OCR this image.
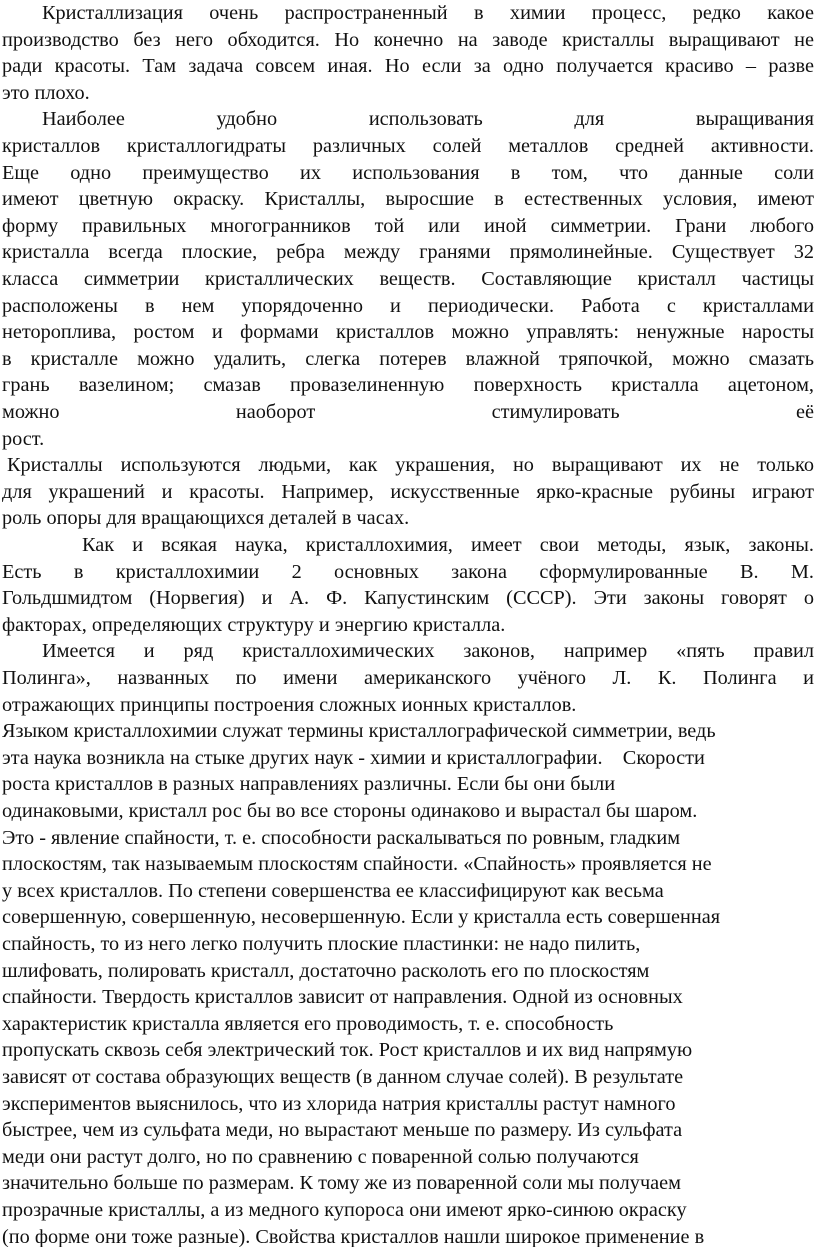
Кристаллизация очень распространенный в химии процесс, редко какое

производство без него обходится. Но конечно на заводе кристаллы выращивают не

ради красоты. Там задача совсем иная. Но если за одно получается красиво – разве

это плохо.

Наиболее удобно использовать для выращивания

кристаллов кристаллогидраты различных солей металлов средней активности.

Еще одно преимущество их использования в том, что данные соли

имеют цветную окраску. Кристаллы, выросшие в естественных условия, имеют

форму правильных многогранников той или иной симметрии. Грани любого

кристалла всегда плоские, ребра между гранями прямолинейные. Существует 32

класса симметрии кристаллических веществ. Составляющие кристалл частицы

расположены в нем упорядоченно и периодически. Работа с кристаллами

нетороплива, ростом и формами кристаллов можно управлять: ненужные наросты

в кристалле можно удалить, слегка потерев влажной тряпочкой, можно смазать

грань вазелином; смазав провазелиненную поверхность кристалла ацетоном,

можно наоборот стимулировать её

рост.

Кристаллы используются людьми, как украшения, но выращивают их не только

для украшений и красоты. Например, искусственные ярко-красные рубины играют

роль опоры для вращающихся деталей в часах.

Как и всякая наука, кристаллохимия, имеет свои методы, язык, законы.

Есть в кристаллохимии 2 основных закона сформулированные В. М.

Гольдшмидтом (Норвегия) и А. Ф. Капустинским (СССР). Эти законы говорят о

факторах, определяющих структуру и энергию кристалла.

Имеется и ряд кристаллохимических законов, например «пять правил

Полинга», названных по имени американского учёного Л. К. Полинга и

отражающих принципы построения сложных ионных кристаллов.

Языком кристаллохимии служат термины кристаллографической симметрии, ведь

эта наука возникла на стыке других наук - химии и кристаллографии.    Скорости

роста кристаллов в разных направлениях различны. Если бы они были

одинаковыми, кристалл рос бы во все стороны одинаково и вырастал бы шаром.

Это - явление спайности, т. е. способности раскалываться по ровным, гладким

плоскостям, так называемым плоскостям спайности. «Спайность» проявляется не

у всех кристаллов. По степени совершенства ее классифицируют как весьма

совершенную, совершенную, несовершенную. Если у кристалла есть совершенная

спайность, то из него легко получить плоские пластинки: не надо пилить,

шлифовать, полировать кристалл, достаточно расколоть его по плоскостям

спайности. Твердость кристаллов зависит от направления. Одной из основных

характеристик кристалла является его проводимость, т. е. способность

пропускать сквозь себя электрический ток. Рост кристаллов и их вид напрямую

зависят от состава образующих веществ (в данном случае солей). В результате

экспериментов выяснилось, что из хлорида натрия кристаллы растут намного

быстрее, чем из сульфата меди, но вырастают меньше по размеру. Из сульфата

меди они растут долго, но по сравнению с поваренной солью получаются

значительно больше по размерам. К тому же из поваренной соли мы получаем

прозрачные кристаллы, а из медного купороса они имеют ярко-синюю окраску

(по форме они тоже разные). Свойства кристаллов нашли широкое применение в
